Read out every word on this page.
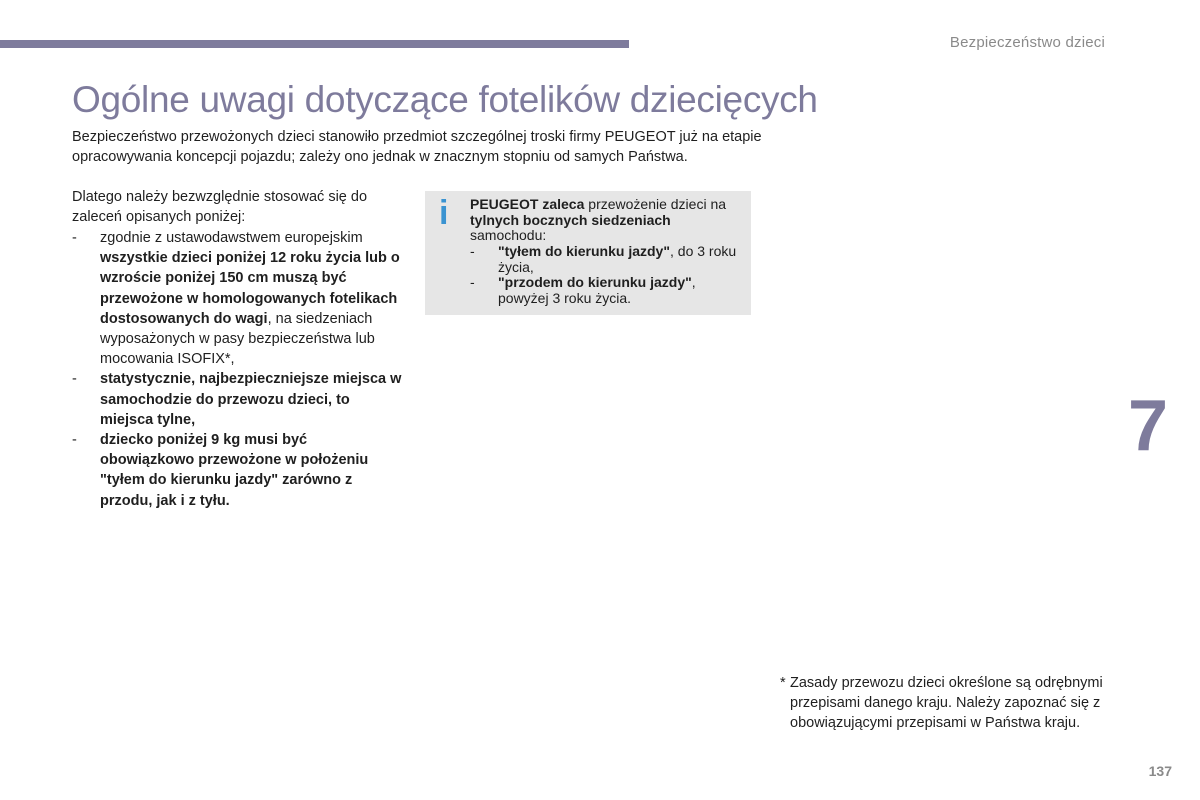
Bezpieczeństwo dzieci
Ogólne uwagi dotyczące fotelików dziecięcych

Bezpieczeństwo przewożonych dzieci stanowiło przedmiot szczególnej troski firmy PEUGEOT już na etapie opracowywania koncepcji pojazdu; zależy ono jednak w znacznym stopniu od samych Państwa.

Dlatego należy bezwzględnie stosować się do zaleceń opisanych poniżej:

- zgodnie z ustawodawstwem europejskim wszystkie dzieci poniżej 12 roku życia lub o wzroście poniżej 150 cm muszą być przewożone w homologowanych fotelikach dostosowanych do wagi, na siedzeniach wyposażonych w pasy bezpieczeństwa lub mocowania ISOFIX*,
- statystycznie, najbezpieczniejsze miejsca w samochodzie do przewozu dzieci, to miejsca tylne,
- dziecko poniżej 9 kg musi być obowiązkowo przewożone w położeniu "tyłem do kierunku jazdy" zarówno z przodu, jak i z tyłu.
i PEUGEOT zaleca przewożenie dzieci na tylnych bocznych siedzeniach samochodu:

- "tyłem do kierunku jazdy", do 3 roku życia,
- "przodem do kierunku jazdy", powyżej 3 roku życia.
7

* Zasady przewozu dzieci określone są odrębnymi przepisami danego kraju. Należy zapoznać się z obowiązującymi przepisami w Państwa kraju.

137
